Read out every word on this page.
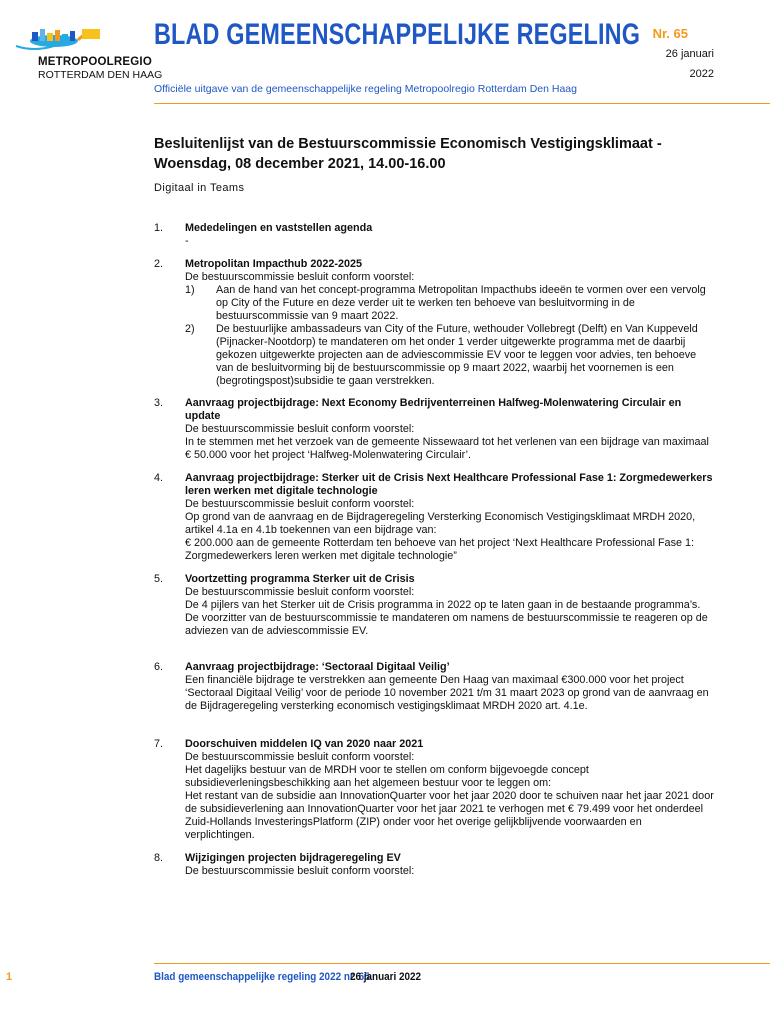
METROPOOLREGIO
ROTTERDAM DEN HAAG
BLAD GEMEENSCHAPPELIJKE REGELING Nr. 65
26 januari
2022
Officiële uitgave van de gemeenschappelijke regeling Metropoolregio Rotterdam Den Haag
Besluitenlijst van de Bestuurscommissie Economisch Vestigingsklimaat -
Woensdag, 08 december 2021, 14.00-16.00
Digitaal in Teams
1. Mededelingen en vaststellen agenda
-
2. Metropolitan Impacthub 2022-2025
De bestuurscommissie besluit conform voorstel:
1) Aan de hand van het concept-programma Metropolitan Impacthubs ideeën te vormen over een vervolg op City of the Future en deze verder uit te werken ten behoeve van besluitvorming in de bestuurscommissie van 9 maart 2022.
2) De bestuurlijke ambassadeurs van City of the Future, wethouder Vollebregt (Delft) en Van Kuppeveld (Pijnacker-Nootdorp) te mandateren om het onder 1 verder uitgewerkte programma met de daarbij gekozen uitgewerkte projecten aan de adviescommissie EV voor te leggen voor advies, ten behoeve van de besluitvorming bij de bestuurscommissie op 9 maart 2022, waarbij het voornemen is een (begrotingspost)subsidie te gaan verstrekken.
3. Aanvraag projectbijdrage: Next Economy Bedrijventerreinen Halfweg-Molenwatering Circulair en update
De bestuurscommissie besluit conform voorstel:
In te stemmen met het verzoek van de gemeente Nissewaard tot het verlenen van een bijdrage van maximaal € 50.000 voor het project ‘Halfweg-Molenwatering Circulair’.
4. Aanvraag projectbijdrage: Sterker uit de Crisis Next Healthcare Professional Fase 1: Zorgmedewerkers leren werken met digitale technologie
De bestuurscommissie besluit conform voorstel:
Op grond van de aanvraag en de Bijdrageregeling Versterking Economisch Vestigingsklimaat MRDH 2020, artikel 4.1a en 4.1b toekennen van een bijdrage van:
€ 200.000 aan de gemeente Rotterdam ten behoeve van het project ‘Next Healthcare Professional Fase 1: Zorgmedewerkers leren werken met digitale technologie”
5. Voortzetting programma Sterker uit de Crisis
De bestuurscommissie besluit conform voorstel:
De 4 pijlers van het Sterker uit de Crisis programma in 2022 op te laten gaan in de bestaande programma’s.
De voorzitter van de bestuurscommissie te mandateren om namens de bestuurscommissie te reageren op de adviezen van de adviescommissie EV.
6. Aanvraag projectbijdrage: ‘Sectoraal Digitaal Veilig’
Een financiële bijdrage te verstrekken aan gemeente Den Haag van maximaal €300.000 voor het project ‘Sectoraal Digitaal Veilig’ voor de periode 10 november 2021 t/m 31 maart 2023 op grond van de aanvraag en de Bijdrageregeling versterking economisch vestigingsklimaat MRDH 2020 art. 4.1e.
7. Doorschuiven middelen IQ van 2020 naar 2021
De bestuurscommissie besluit conform voorstel:
Het dagelijks bestuur van de MRDH voor te stellen om conform bijgevoegde concept subsidieverleningsbeschikking aan het algemeen bestuur voor te leggen om:
Het restant van de subsidie aan InnovationQuarter voor het jaar 2020 door te schuiven naar het jaar 2021 door de subsidieverlening aan InnovationQuarter voor het jaar 2021 te verhogen met € 79.499 voor het onderdeel Zuid-Hollands InvesteringsPlatform (ZIP) onder voor het overige gelijkblijvende voorwaarden en verplichtingen.
8. Wijzigingen projecten bijdrageregeling EV
De bestuurscommissie besluit conform voorstel:
1	Blad gemeenschappelijke regeling 2022 nr. 65
26 januari 2022
